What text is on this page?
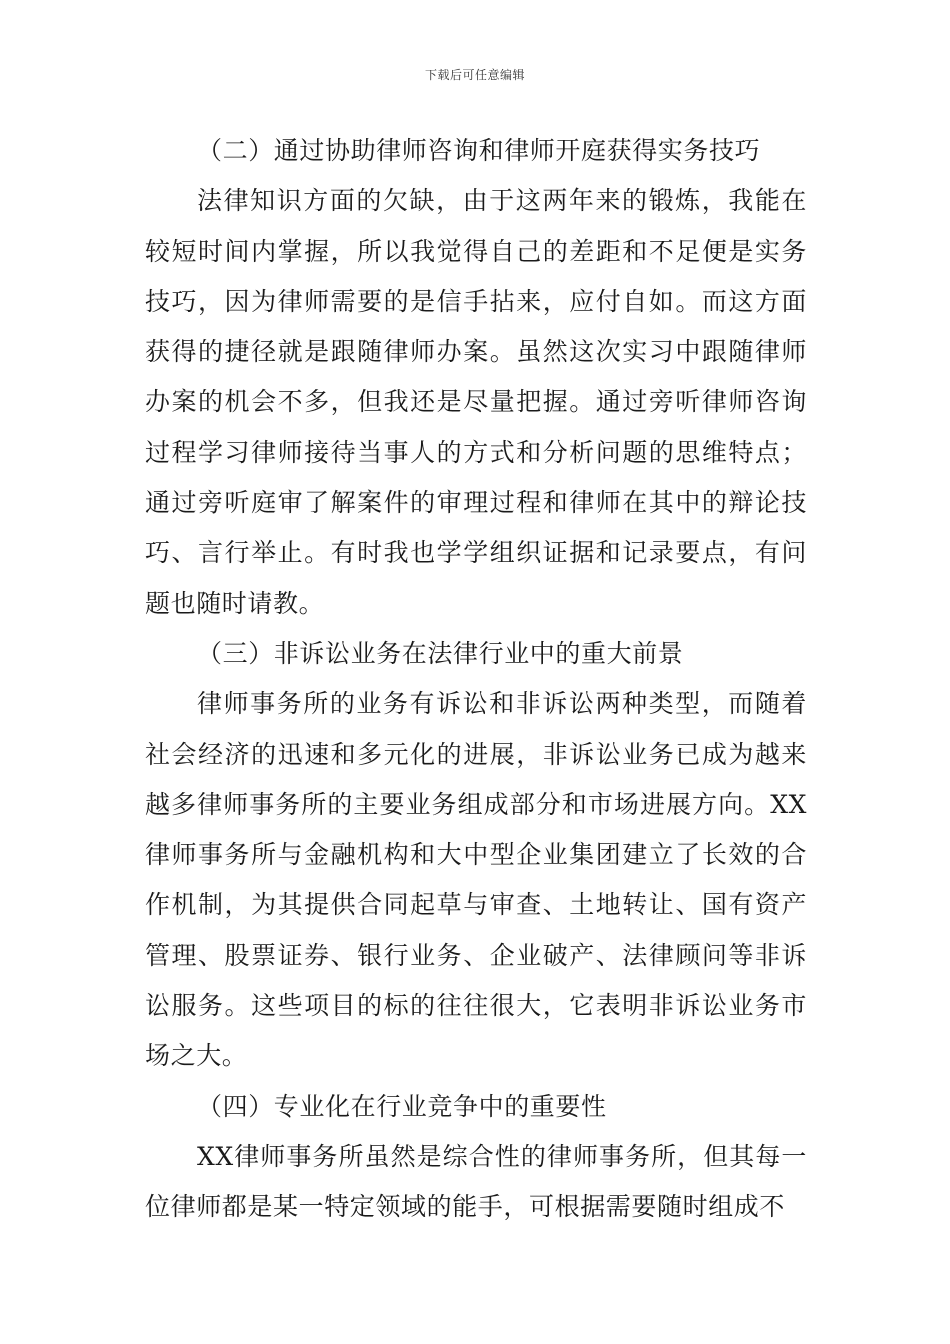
下载后可任意编辑

（二）通过协助律师咨询和律师开庭获得实务技巧

法律知识方面的欠缺，由于这两年来的锻炼，我能在较短时间内掌握，所以我觉得自己的差距和不足便是实务技巧，因为律师需要的是信手拈来，应付自如。而这方面获得的捷径就是跟随律师办案。虽然这次实习中跟随律师办案的机会不多，但我还是尽量把握。通过旁听律师咨询过程学习律师接待当事人的方式和分析问题的思维特点；通过旁听庭审了解案件的审理过程和律师在其中的辩论技巧、言行举止。有时我也学学组织证据和记录要点，有问题也随时请教。

（三）非诉讼业务在法律行业中的重大前景

律师事务所的业务有诉讼和非诉讼两种类型，而随着社会经济的迅速和多元化的进展，非诉讼业务已成为越来越多律师事务所的主要业务组成部分和市场进展方向。XX律师事务所与金融机构和大中型企业集团建立了长效的合作机制，为其提供合同起草与审查、土地转让、国有资产管理、股票证券、银行业务、企业破产、法律顾问等非诉讼服务。这些项目的标的往往很大，它表明非诉讼业务市场之大。

（四）专业化在行业竞争中的重要性

XX律师事务所虽然是综合性的律师事务所，但其每一位律师都是某一特定领域的能手，可根据需要随时组成不
